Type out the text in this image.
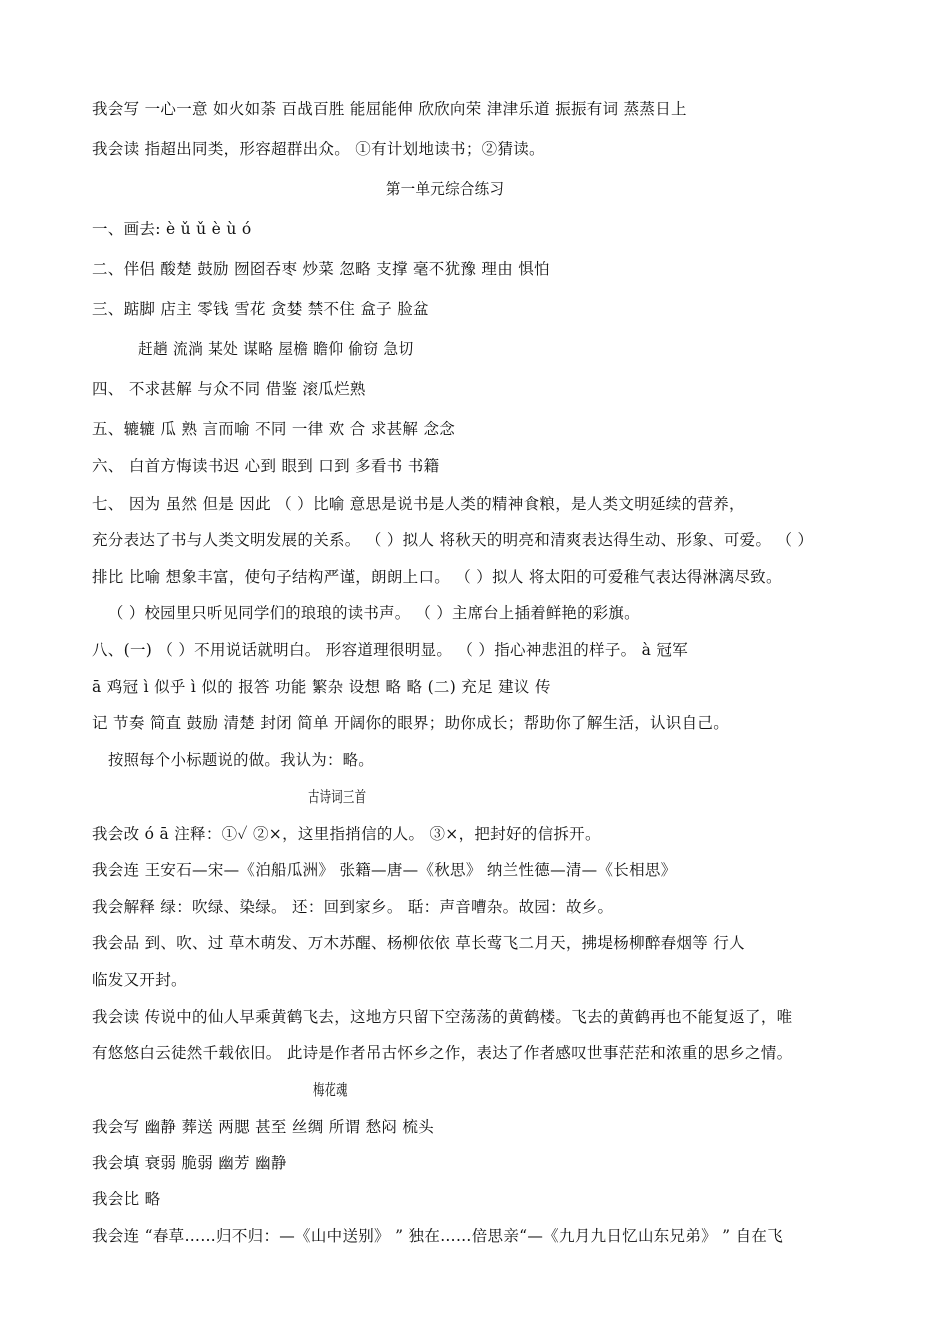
我会写 一心一意 如火如荼 百战百胜 能屈能伸 欣欣向荣 津津乐道 振振有词 蒸蒸日上
我会读 指超出同类，形容超群出众。 ①有计划地读书；②猜读。
第一单元综合练习
一、画去: è ǔ ǔ è ù ó
二、伴侣 酸楚 鼓励 囫囵吞枣 炒菜 忽略 支撑 毫不犹豫 理由 惧怕
三、踮脚 店主 零钱 雪花 贪婪 禁不住 盒子 脸盆
赶趟 流淌 某处 谋略 屋檐 瞻仰 偷窃 急切
四、 不求甚解 与众不同 借鉴 滚瓜烂熟
五、辘辘 瓜 熟 言而喻 不同 一律 欢 合 求甚解 念念
六、 白首方悔读书迟 心到 眼到 口到 多看书 书籍
七、 因为 虽然 但是 因此 （ ）比喻 意思是说书是人类的精神食粮，是人类文明延续的营养，
充分表达了书与人类文明发展的关系。 （ ）拟人 将秋天的明亮和清爽表达得生动、形象、可爱。 （ ）
排比 比喻 想象丰富，使句子结构严谨，朗朗上口。 （ ）拟人 将太阳的可爱稚气表达得淋漓尽致。
（ ）校园里只听见同学们的琅琅的读书声。 （ ）主席台上插着鲜艳的彩旗。
八、(一) （ ）不用说话就明白。 形容道理很明显。 （ ）指心神悲沮的样子。 à 冠军
ā 鸡冠 ì 似乎 ì 似的 报答 功能 繁杂 设想 略 略 (二) 充足 建议 传
记 节奏 简直 鼓励 清楚 封闭 简单 开阔你的眼界；助你成长；帮助你了解生活，认识自己。
按照每个小标题说的做。我认为：略。
古诗词三首
我会改 ó ā 注释：①✓ ②×，这里指捎信的人。 ③×，把封好的信拆开。
我会连 王安石—宋—《泊船瓜洲》 张籍—唐—《秋思》 纳兰性德—清—《长相思》
我会解释 绿：吹绿、染绿。 还：回到家乡。 聒：声音嘈杂。故园：故乡。
我会品 到、吹、过 草木萌发、万木苏醒、杨柳依依 草长莺飞二月天，拂堤杨柳醉春烟等 行人
临发又开封。
我会读 传说中的仙人早乘黄鹤飞去，这地方只留下空荡荡的黄鹤楼。飞去的黄鹤再也不能复返了，唯
有悠悠白云徒然千载依旧。 此诗是作者吊古怀乡之作，表达了作者感叹世事茫茫和浓重的思乡之情。
梅花魂
我会写 幽静 葬送 两腮 甚至 丝绸 所谓 愁闷 梳头
我会填 衰弱 脆弱 幽芳 幽静
我会比 略
我会连 “春草……归不归：—《山中送别》 ” 独在……倍思亲“—《九月九日忆山东兄弟》 ” 自在飞
